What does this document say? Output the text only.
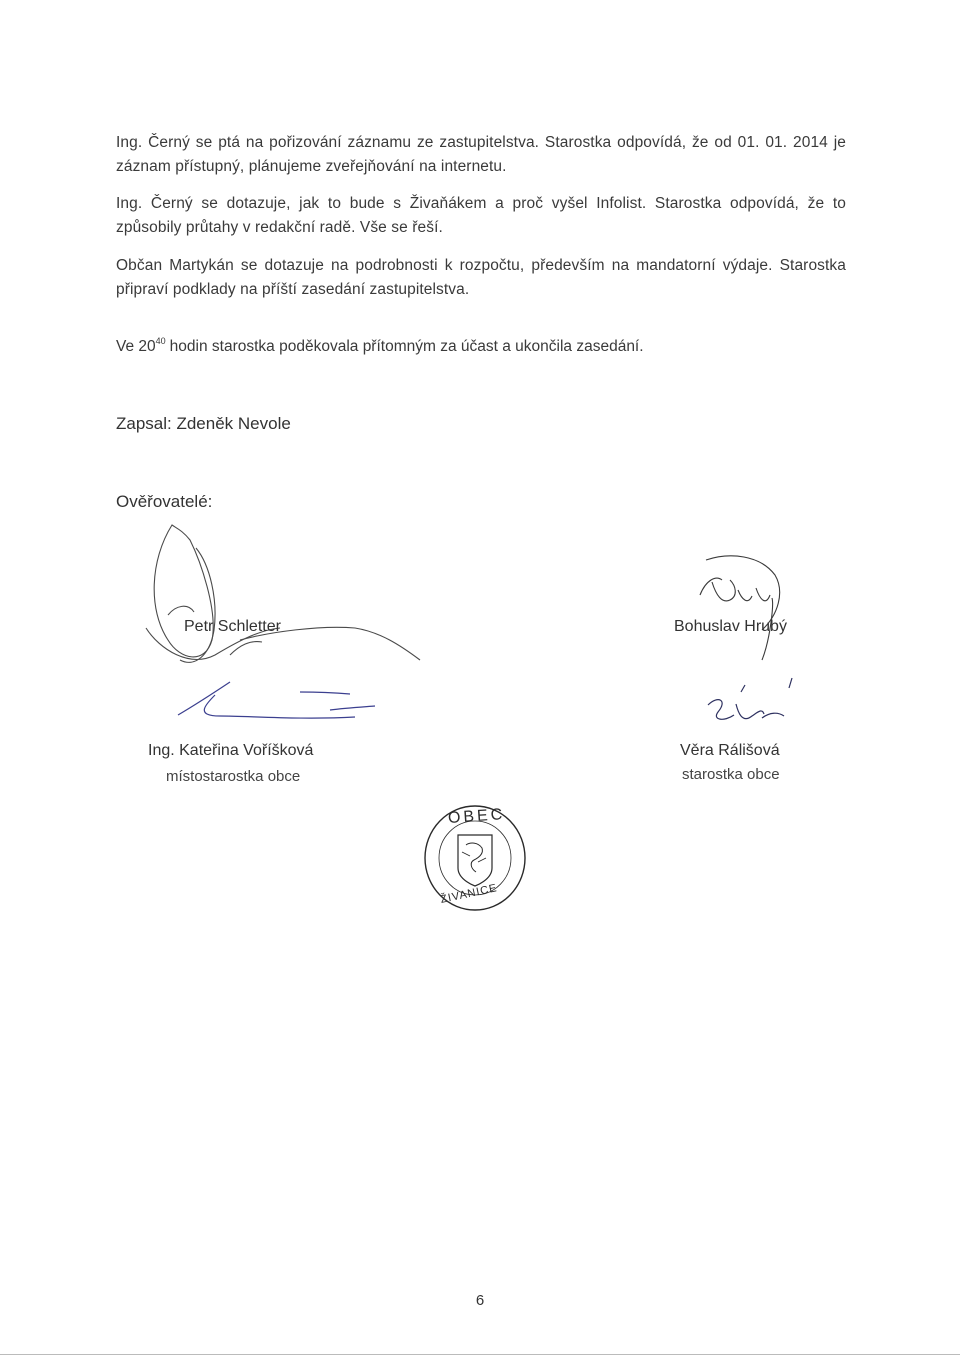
Ing. Černý se ptá na pořizování záznamu ze zastupitelstva. Starostka odpovídá, že od 01. 01. 2014 je záznam přístupný, plánujeme zveřejňování na internetu.
Ing. Černý se dotazuje, jak to bude s Živaňákem a proč vyšel Infolist. Starostka odpovídá, že to způsobily průtahy v redakční radě. Vše se řeší.
Občan Martykán se dotazuje na podrobnosti k rozpočtu, především na mandatorní výdaje. Starostka připraví podklady na příští zasedání zastupitelstva.
Ve $20^{40}$ hodin starostka poděkovala přítomným za účast a ukončila zasedání.
Zapsal: Zdeněk Nevole
Ověřovatelé:
OBEC
ŽIVANICE
Petr Schletter	Bohuslav Hrubý
Ing. Kateřina Voříšková
místostarostka obce
Věra Rálišová
starostka obce
6
